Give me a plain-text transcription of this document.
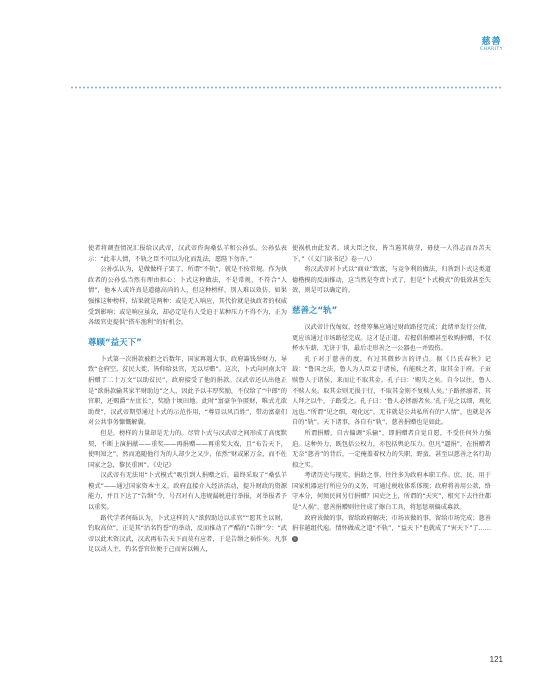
慈善
CHARITY

使者将调查情况汇报给汉武帝，汉武帝咨询桑弘羊和公孙弘，公孙弘表示：“此非人情，不轨之臣不可以为化而乱法，愿陛下勿许。”

公孙弘认为，是做做样子罢了，所谓“不轨”，就是不按常规。作为执政者的公孙弘当然有理由担心：卜式这种做法，不是常规，不符合“人情”，他本人或许真是道德高尚的人，但这种榜样，别人难以效仿，如果强推这种榜样，结果就是两种：或是无人响应，其代价就是执政者的权威受到影响；或是响应虽众，却必定是有人受迫于某种压力不得不为，正为各级官吏提供“搭车渔利”的好机会。

尊顾“益天下”

卜式第一次捐款被拒之后数年，国家再遇大事，政府籌钱举财力，导致“仓府空，贫民大徙，皆仰给县官，无以尽赡”。这次，卜式向河南太守捐赠了二十万文“以助贫民”，政府接受了他的捐款。汉武帝还认出他正是“欲捐款输其家半财助边”之人，因此予以丰厚奖励，不仅给了“中郎”的官职，还赐爵“左庶长”，奖励十顷田地。此时“富豪争争匿财，唯式尤欲助费”，汉武帝期望通过卜式的示范作用，“尊显以风百姓”，带动富豪们对公共事务慷慨解囊。

但是，榜样的力量却是无力的。尽管卜式与汉武帝之间形成了高度默契，不断上演捐献——重奖——再捐赠——再重奖大戏，且“布告天下，使明知之”，然而追随他行为的人却少之又少，依然“财或累万金，而不佐国家之急，黎民重困”。《史记》

汉武帝有无法用“卜式模式”吸引到人捐赠之后，最终采取了“桑弘羊模式”——通过国家资本主义，政府直接介入经济活动，提升财政的资源能力，并且下达了“告缗”令，号召对有人违规漏税进行举报，对举报者予以重奖。

路代学者何砾认为，卜式这样的人“欲假助边以求官”“愿其主以财，钓取高位”，正是其“沽名钓誉”的举动，反而推动了严酷的“告缗”令：“武帝以此术资汉武，汉武再布告天下而莫有应者，于是告缗之祸作矣。凡事足以动人主，钓名誉官位便于己而害以赖人，

使祸机由此发者，谈大臣之位，皆当遏其萌芽，毋使一人得志而吾苦天下，”（《义门读书记》卷一八）

将汉武帝对卜式以“商业”致富，与竞争利的做法，归咎到卜式这类道德楷模的反面推动，这当然是夸责卜式了，但是“卜式模式”的低效甚至失效，则是可以确定的。

慈善之“轨”

汉武帝计伐匈奴，经费筹集应通过财政路径完成；此绪单发行公债，更应该通过市场路径完成。这才是正道。若握倡捐赠甚至收购捐赠，不仅杯水车薪，无济于事，最后走形善之一公器也一并毁伤。

孔子对于慈善的度，有过其微妙言的评点。据《吕氏春秋》记载：“鲁国之法，鲁人为人臣妾于诸侯，有能赎之者，取其金于府。子贡赎鲁人于诸侯，来而让不取其金。孔子曰：‘赐失之矣。自今以往，鲁人不赎人矣。取其金则无损于行，不取其金则不复赎人矣。’子路拯溺者，其人拜之以牛，子路受之。孔子曰：‘鲁人必拯溺者矣。’孔子见之以细，观化远也。”所谓“见之细，观化远”，无非就是公共私所有的“人情”，也就是各自的“轨”。天下诸事，各自有“轨”，慈善捐赠也是如此。

所谓捐赠，自古偏调“乐输”，即捐赠者自觉自愿，不受任何外力强迫。这种外力，既包括公权力，亦包括舆论压力。但凡“逼捐”，在捐赠者无奈“慈善”的背后，一定掩盖着权力的失职，野蛮，甚至以慈善之名行劫掠之实。

考诸历史与现实，捐助之事，往往多为政府本职工作。庶、民、用于国家机器运行所应分的义务，可通过税收体系体现；政府将善用公款，络守本分，何须民间另行捐赠？国史之上，所谓的“天灾”，根究下去往往都是“人祸”，慈善捐赠则往往成了擦白工具，将惩惩刻偏成募款。

政府该做的事，留给政府解决；市场该做的事，留给市场完成；慈善捐非越组代庖。情怀做成之道“不轨”，“益天下”也就成了“害天下”了…… Ⓓ

121
